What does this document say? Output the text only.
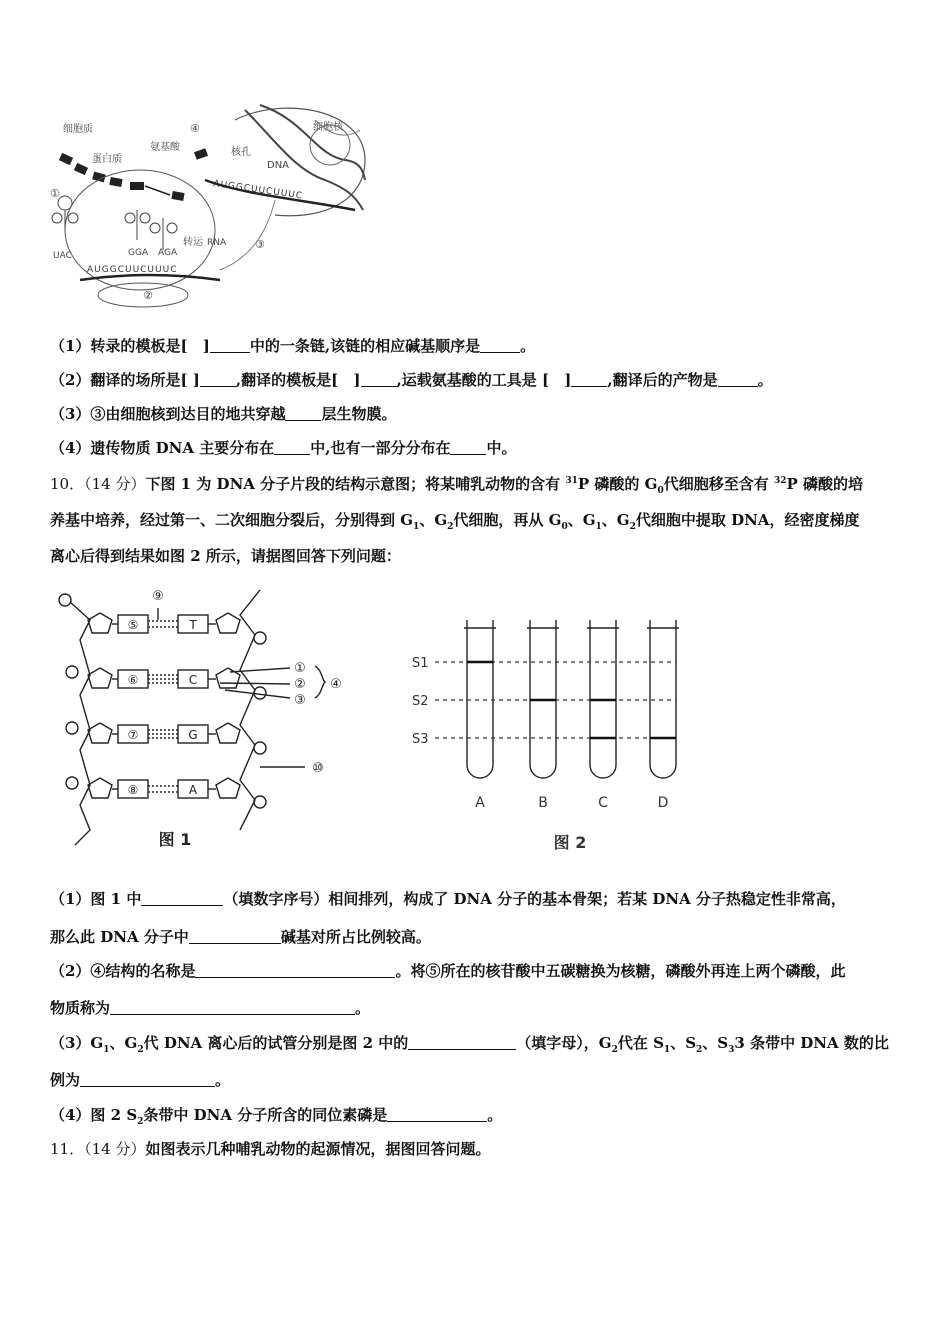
细胞质
蛋白质
氨基酸
④	细胞核
核孔
DNA
UAC	GGA AGA
①
转运 RNA
AUGGCUUCUUUC
AUGGCUUCUUUC
②
③
（1）转录的模板是[ ]	中的一条链,该链的相应碱基顺序是	。
（2）翻译的场所是[ ] ,翻译的模板是[ ] ,运载氨基酸的工具是 [ ] ,翻译后的产物是	。
（3）③由细胞核到达目的地共穿越 层生物膜。
（4）遗传物质 DNA 主要分布在 中,也有一部分分布在 中。
10．（14 分）下图 1 为 DNA 分子片段的结构示意图；将某哺乳动物的含有 $^{31}$P 磷酸的 $G_0$代细胞移至含有 $^{32}$P 磷酸的培
养基中培养，经过第一、二次细胞分裂后，分别得到 $G_1$、$G_2$代细胞，再从 $G_0$、$G_1$、$G_2$代细胞中提取 DNA，经密度梯度
离心后得到结果如图 2 所示，请据图回答下列问题：
⑤
⑥
⑦
⑧
T
C
G
A
⑨
①
②
③
④
⑩
图 1
S1
S2
S3
A	B	C	D
图 2
（1）图 1 中	（填数字序号）相间排列，构成了 DNA 分子的基本骨架；若某 DNA 分子热稳定性非常高，
那么此 DNA 分子中	碱基对所占比例较高。
（2）④结构的名称是	。将⑤所在的核苷酸中五碳糖换为核糖，磷酸外再连上两个磷酸，此
物质称为	。
$(3)G_1$、$G_2$代 DNA 离心后的试管分别是图 2 中的	（填字母），$G_2$代在 $S_1$、$S_2$、$S_33$ 条带中 DNA 数的比
例为	。
（4）图 2 $S_2$条带中 DNA 分子所含的同位素磷是	。
11．（14 分）如图表示几种哺乳动物的起源情况，据图回答问题。
